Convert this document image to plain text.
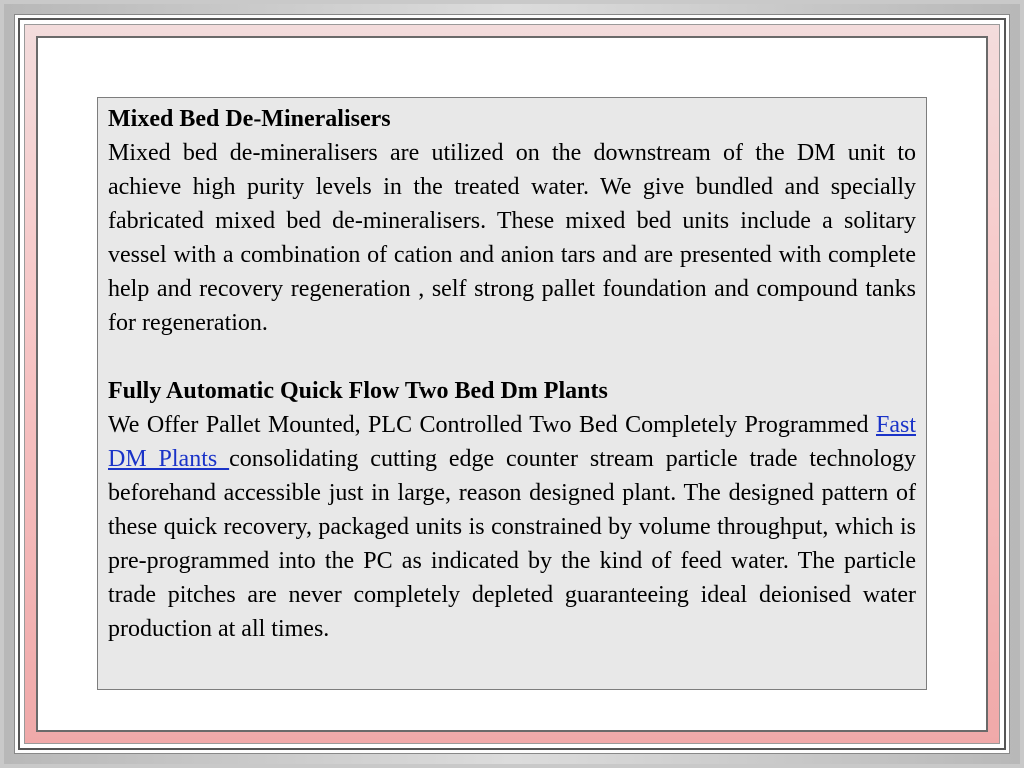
Mixed Bed De-Mineralisers

Mixed bed de-mineralisers are utilized on the downstream of the DM unit to achieve high purity levels in the treated water. We give bundled and specially fabricated mixed bed de-mineralisers. These mixed bed units include a solitary vessel with a combination of cation and anion tars and are presented with complete help and recovery regeneration , self strong pallet foundation and compound tanks for regeneration.

Fully Automatic Quick Flow Two Bed Dm Plants

We Offer Pallet Mounted, PLC Controlled Two Bed Completely Programmed Fast DM Plants consolidating cutting edge counter stream particle trade technology beforehand accessible just in large, reason designed plant. The designed pattern of these quick recovery, packaged units is constrained by volume throughput, which is pre-programmed into the PC as indicated by the kind of feed water. The particle trade pitches are never completely depleted guaranteeing ideal deionised water production at all times.
